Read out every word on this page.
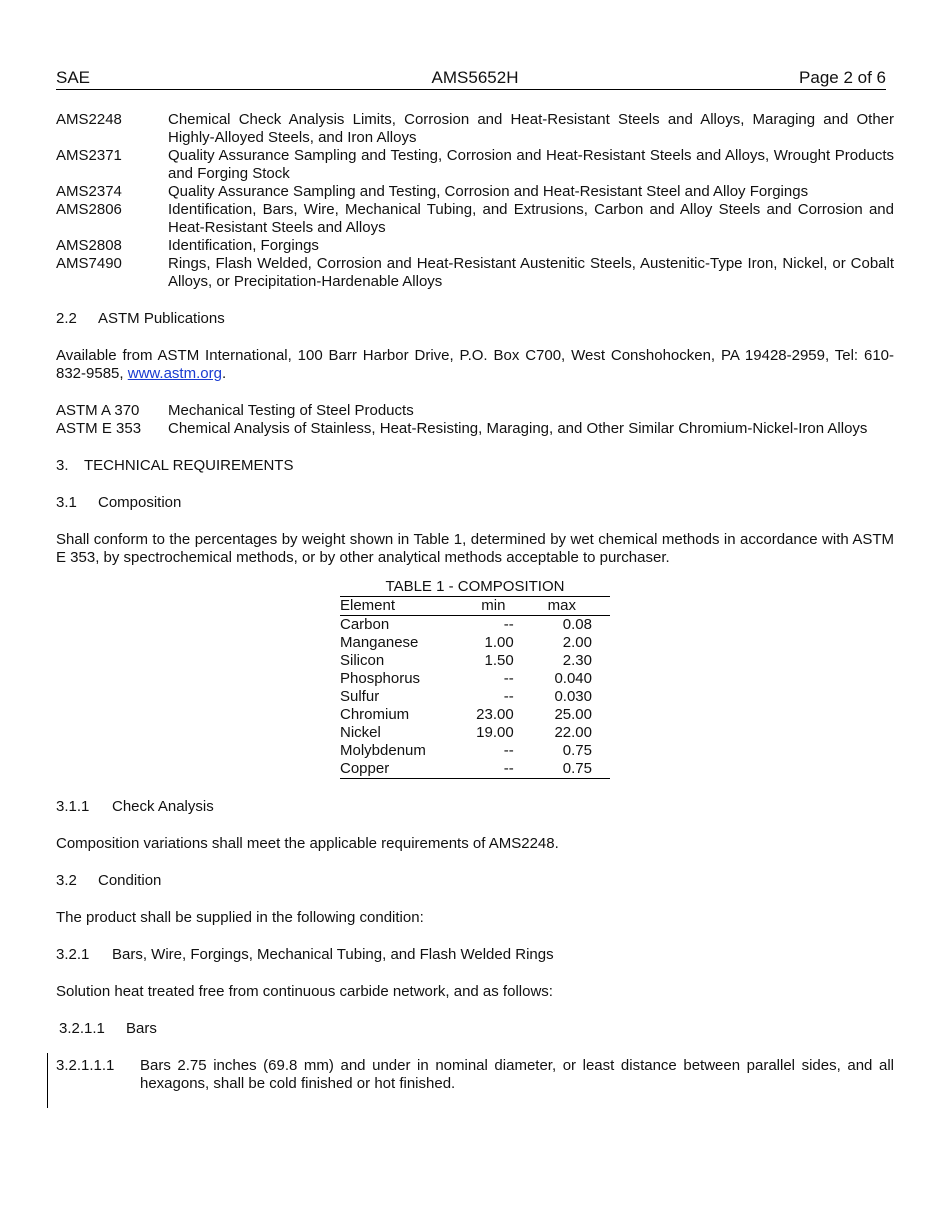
SAE	AMS5652H	Page 2 of 6
AMS2248	Chemical Check Analysis Limits, Corrosion and Heat-Resistant Steels and Alloys, Maraging and Other Highly-Alloyed Steels, and Iron Alloys
AMS2371	Quality Assurance Sampling and Testing, Corrosion and Heat-Resistant Steels and Alloys, Wrought Products and Forging Stock
AMS2374	Quality Assurance Sampling and Testing, Corrosion and Heat-Resistant Steel and Alloy Forgings
AMS2806	Identification, Bars, Wire, Mechanical Tubing, and Extrusions, Carbon and Alloy Steels and Corrosion and Heat-Resistant Steels and Alloys
AMS2808	Identification, Forgings
AMS7490	Rings, Flash Welded, Corrosion and Heat-Resistant Austenitic Steels, Austenitic-Type Iron, Nickel, or Cobalt Alloys, or Precipitation-Hardenable Alloys
2.2 ASTM Publications
Available from ASTM International, 100 Barr Harbor Drive, P.O. Box C700, West Conshohocken, PA 19428-2959, Tel: 610-832-9585, www.astm.org.
ASTM A 370	Mechanical Testing of Steel Products
ASTM E 353	Chemical Analysis of Stainless, Heat-Resisting, Maraging, and Other Similar Chromium-Nickel-Iron Alloys
3. TECHNICAL REQUIREMENTS
3.1 Composition
Shall conform to the percentages by weight shown in Table 1, determined by wet chemical methods in accordance with ASTM E 353, by spectrochemical methods, or by other analytical methods acceptable to purchaser.
TABLE 1 - COMPOSITION
Element	min	max
Carbon	--	0.08
Manganese	1.00	2.00
Silicon	1.50	2.30
Phosphorus	--	0.040
Sulfur	--	0.030
Chromium	23.00	25.00
Nickel	19.00	22.00
Molybdenum	--	0.75
Copper	--	0.75
3.1.1 Check Analysis
Composition variations shall meet the applicable requirements of AMS2248.
3.2 Condition
The product shall be supplied in the following condition:
3.2.1 Bars, Wire, Forgings, Mechanical Tubing, and Flash Welded Rings
Solution heat treated free from continuous carbide network, and as follows:
3.2.1.1 Bars
3.2.1.1.1	Bars 2.75 inches (69.8 mm) and under in nominal diameter, or least distance between parallel sides, and all hexagons, shall be cold finished or hot finished.
